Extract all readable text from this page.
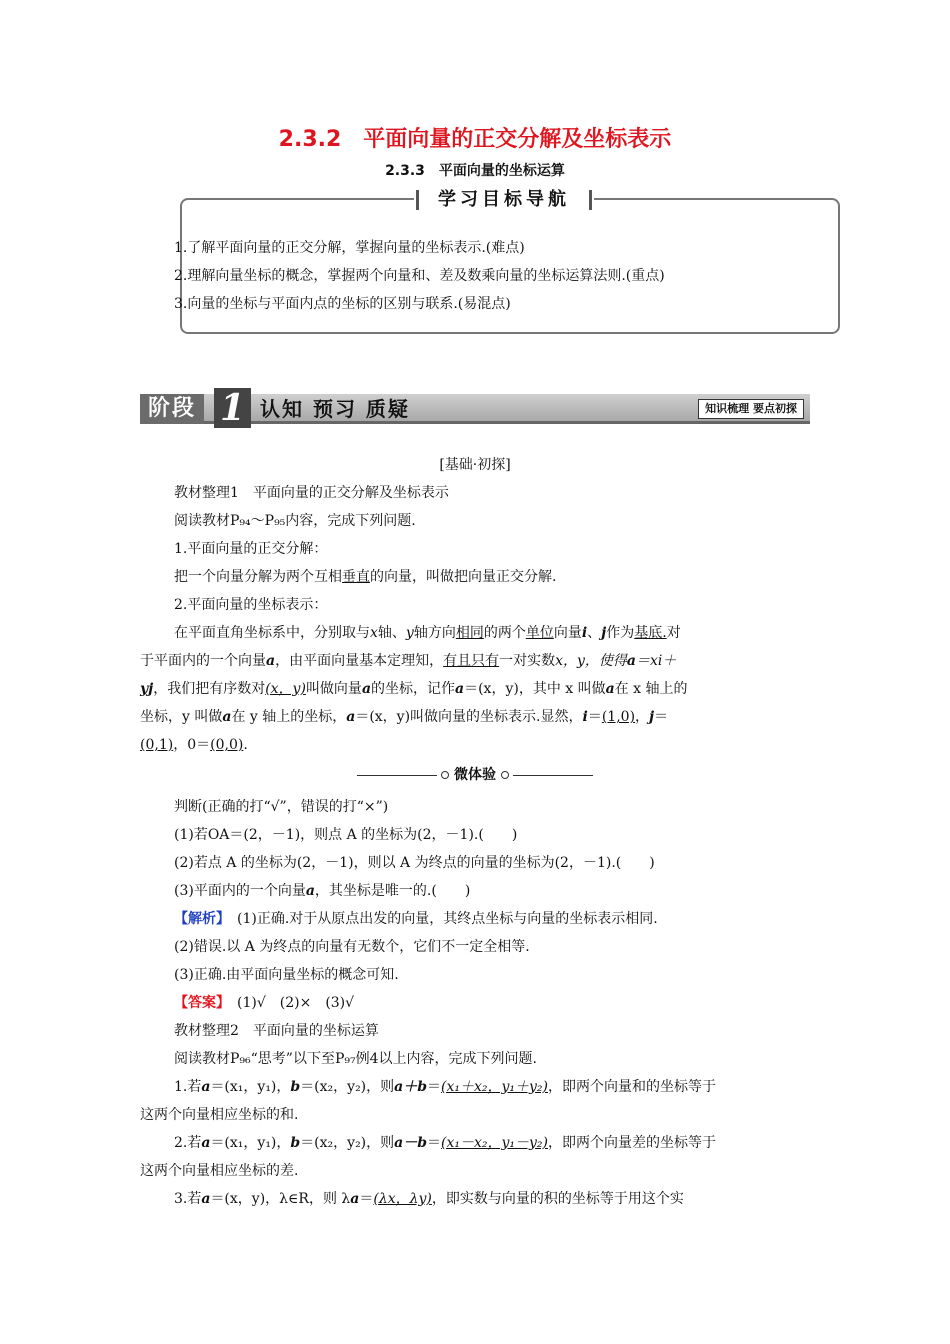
2.3.2　平面向量的正交分解及坐标表示
2.3.3　平面向量的坐标运算
学习目标导航
1.了解平面向量的正交分解，掌握向量的坐标表示.(难点)
2.理解向量坐标的概念，掌握两个向量和、差及数乘向量的坐标运算法则.(重点)
3.向量的坐标与平面内点的坐标的区别与联系.(易混点)
阶段 1 认知 预习 质疑	知识梳理 要点初探
[基础·初探]
教材整理1　平面向量的正交分解及坐标表示
阅读教材P₉₄～P₉₅内容，完成下列问题.
1.平面向量的正交分解：
把一个向量分解为两个互相垂直的向量，叫做把向量正交分解.
2.平面向量的坐标表示：
在平面直角坐标系中，分别取与x轴、y轴方向相同的两个单位向量i、j作为基底.对
于平面内的一个向量a，由平面向量基本定理知，有且只有一对实数x，y，使得a＝xi＋
yj，我们把有序数对(x，y)叫做向量a的坐标，记作a＝(x，y)，其中 x 叫做a在 x 轴上的
坐标，y 叫做a在 y 轴上的坐标，a＝(x，y)叫做向量的坐标表示.显然，i＝(1,0)，j＝
(0,1)，0＝(0,0).
微体验
判断(正确的打“√”，错误的打“×”)
(1)若OA＝(2，－1)，则点 A 的坐标为(2，－1).(　　)
(2)若点 A 的坐标为(2，－1)，则以 A 为终点的向量的坐标为(2，－1).(　　)
(3)平面内的一个向量a，其坐标是唯一的.(　　)
【解析】　(1)正确.对于从原点出发的向量，其终点坐标与向量的坐标表示相同.
(2)错误.以 A 为终点的向量有无数个，它们不一定全相等.
(3)正确.由平面向量坐标的概念可知.
【答案】　(1)√　(2)×　(3)√
教材整理2　平面向量的坐标运算
阅读教材P₉₆“思考”以下至P₉₇例4以上内容，完成下列问题.
1.若a＝(x₁，y₁)，b＝(x₂，y₂)，则a＋b＝(x₁＋x₂，y₁＋y₂)，即两个向量和的坐标等于
这两个向量相应坐标的和.
2.若a＝(x₁，y₁)，b＝(x₂，y₂)，则a－b＝(x₁－x₂，y₁－y₂)，即两个向量差的坐标等于
这两个向量相应坐标的差.
3.若a＝(x，y)，λ∈R，则 λa＝(λx，λy)，即实数与向量的积的坐标等于用这个实
